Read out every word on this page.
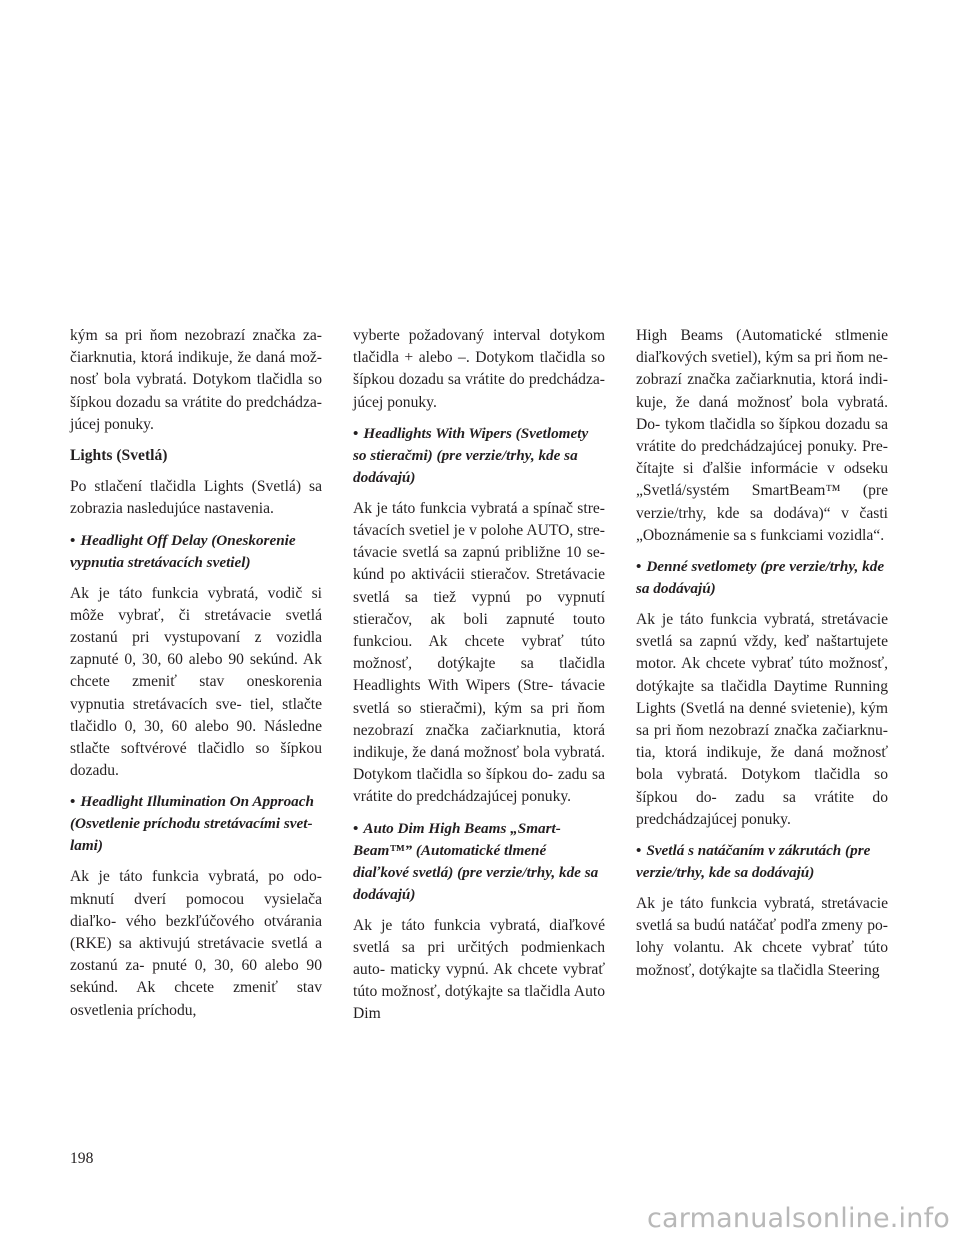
kým sa pri ňom nezobrazí značka za- čiarknutia, ktorá indikuje, že daná mož- nosť bola vybratá. Dotykom tlačidla so šípkou dozadu sa vrátite do predchádza- júcej ponuky.

Lights (Svetlá)

Po stlačení tlačidla Lights (Svetlá) sa zobrazia nasledujúce nastavenia.

• Headlight Off Delay (Oneskorenie vypnutia stretávacích svetiel)

Ak je táto funkcia vybratá, vodič si môže vybrať, či stretávacie svetlá zostanú pri vystupovaní z vozidla zapnuté 0, 30, 60 alebo 90 sekúnd. Ak chcete zmeniť stav oneskorenia vypnutia stretávacích sve- tiel, stlačte tlačidlo 0, 30, 60 alebo 90. Následne stlačte softvérové tlačidlo so šípkou dozadu.

• Headlight Illumination On Approach (Osvetlenie príchodu stretávacími svet- lami)

Ak je táto funkcia vybratá, po odo- mknutí dverí pomocou vysielača diaľko- vého bezkľúčového otvárania (RKE) sa aktivujú stretávacie svetlá a zostanú za- pnuté 0, 30, 60 alebo 90 sekúnd. Ak chcete zmeniť stav osvetlenia príchodu,

vyberte požadovaný interval dotykom tlačidla + alebo –. Dotykom tlačidla so šípkou dozadu sa vrátite do predchádza- júcej ponuky.

• Headlights With Wipers (Svetlomety so stieračmi) (pre verzie/trhy, kde sa dodávajú)

Ak je táto funkcia vybratá a spínač stre- távacích svetiel je v polohe AUTO, stre- távacie svetlá sa zapnú približne 10 se- kúnd po aktivácii stieračov. Stretávacie svetlá sa tiež vypnú po vypnutí stieračov, ak boli zapnuté touto funkciou. Ak chcete vybrať túto možnosť, dotýkajte sa tlačidla Headlights With Wipers (Stre- távacie svetlá so stieračmi), kým sa pri ňom nezobrazí značka začiarknutia, ktorá indikuje, že daná možnosť bola vybratá. Dotykom tlačidla so šípkou do- zadu sa vrátite do predchádzajúcej ponuky.

• Auto Dim High Beams „Smart- Beam™” (Automatické tlmené diaľkové svetlá) (pre verzie/trhy, kde sa dodávajú)

Ak je táto funkcia vybratá, diaľkové svetlá sa pri určitých podmienkach auto- maticky vypnú. Ak chcete vybrať túto možnosť, dotýkajte sa tlačidla Auto Dim

High Beams (Automatické stlmenie diaľkových svetiel), kým sa pri ňom ne- zobrazí značka začiarknutia, ktorá indi- kuje, že daná možnosť bola vybratá. Do- tykom tlačidla so šípkou dozadu sa vrátite do predchádzajúcej ponuky. Pre- čítajte si ďalšie informácie v odseku „Svetlá/systém SmartBeam™ (pre verzie/trhy, kde sa dodáva)“ v časti „Oboznámenie sa s funkciami vozidla“.

• Denné svetlomety (pre verzie/trhy, kde sa dodávajú)

Ak je táto funkcia vybratá, stretávacie svetlá sa zapnú vždy, keď naštartujete motor. Ak chcete vybrať túto možnosť, dotýkajte sa tlačidla Daytime Running Lights (Svetlá na denné svietenie), kým sa pri ňom nezobrazí značka začiarknu- tia, ktorá indikuje, že daná možnosť bola vybratá. Dotykom tlačidla so šípkou do- zadu sa vrátite do predchádzajúcej ponuky.

• Svetlá s natáčaním v zákrutách (pre verzie/trhy, kde sa dodávajú)

Ak je táto funkcia vybratá, stretávacie svetlá sa budú natáčať podľa zmeny po- lohy volantu. Ak chcete vybrať túto možnosť, dotýkajte sa tlačidla Steering

198
carmanualsonline.info
